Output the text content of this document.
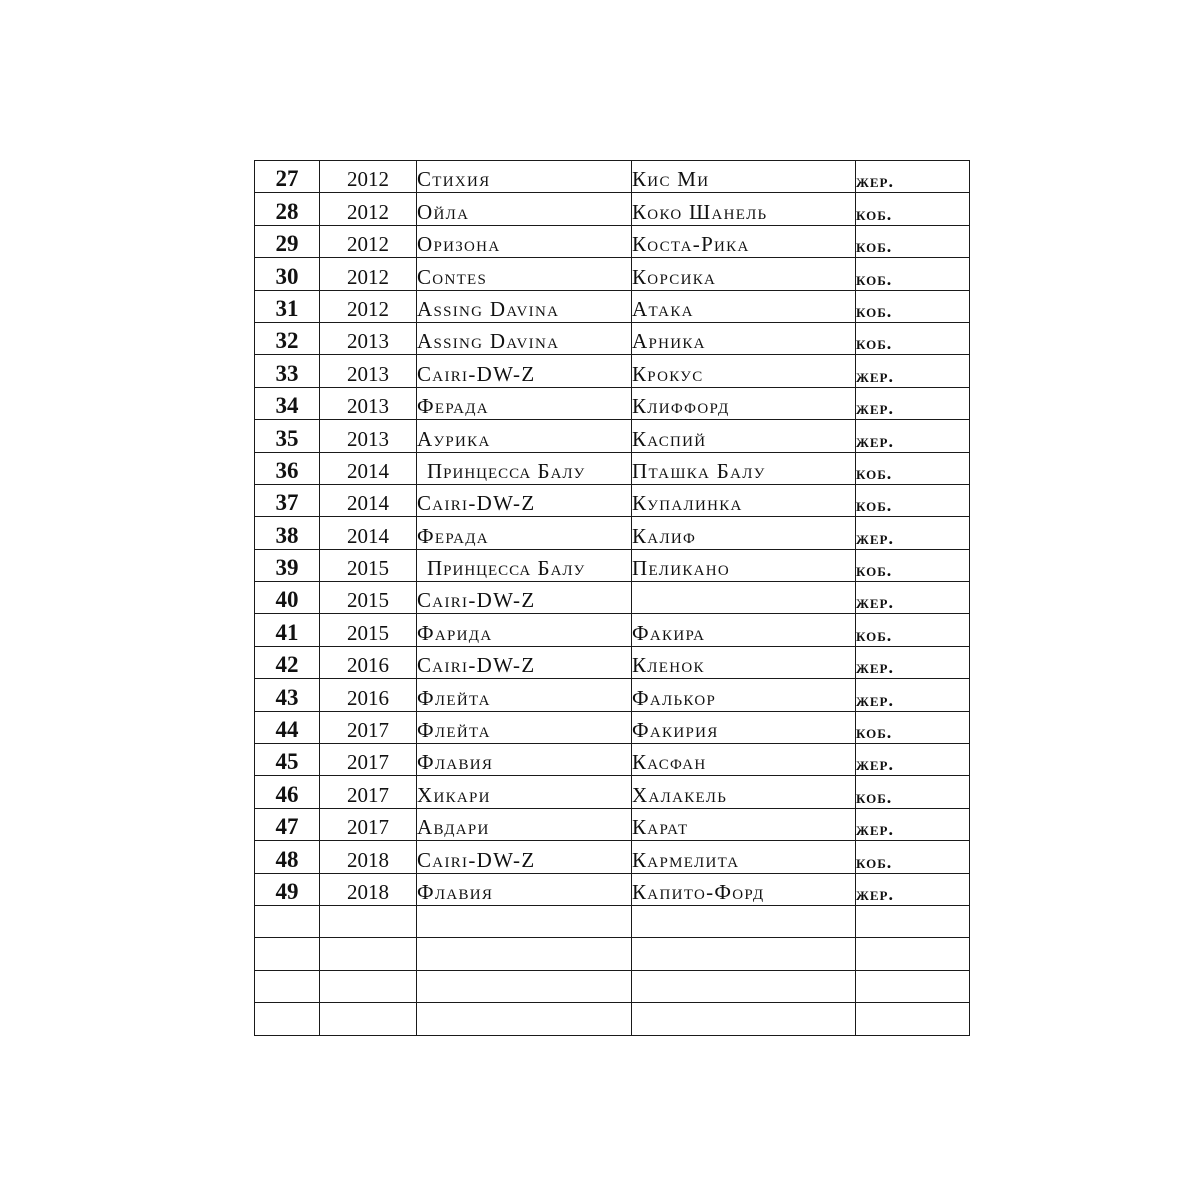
27	2012	Стихия	Кис Ми	жер.
28	2012	Ойла	Коко Шанель	коб.
29	2012	Оризона	Коста-Рика	коб.
30	2012	Contes	Корсика	коб.
31	2012	Assing Davina	Атака	коб.
32	2013	Assing Davina	Арника	коб.
33	2013	Cairi-DW-Z	Крокус	жер.
34	2013	Ферада	Клиффорд	жер.
35	2013	Аурика	Каспий	жер.
36	2014	Принцесса Балу	Пташка Балу	коб.
37	2014	Cairi-DW-Z	Купалинка	коб.
38	2014	Ферада	Калиф	жер.
39	2015	Принцесса Балу	Пеликано	коб.
40	2015	Cairi-DW-Z		жер.
41	2015	Фарида	Факира	коб.
42	2016	Cairi-DW-Z	Кленок	жер.
43	2016	Флейта	Фалькор	жер.
44	2017	Флейта	Факирия	коб.
45	2017	Флавия	Касфан	жер.
46	2017	Хикари	Халакель	коб.
47	2017	Авдари	Карат	жер.
48	2018	Cairi-DW-Z	Кармелита	коб.
49	2018	Флавия	Капито-Форд	жер.
